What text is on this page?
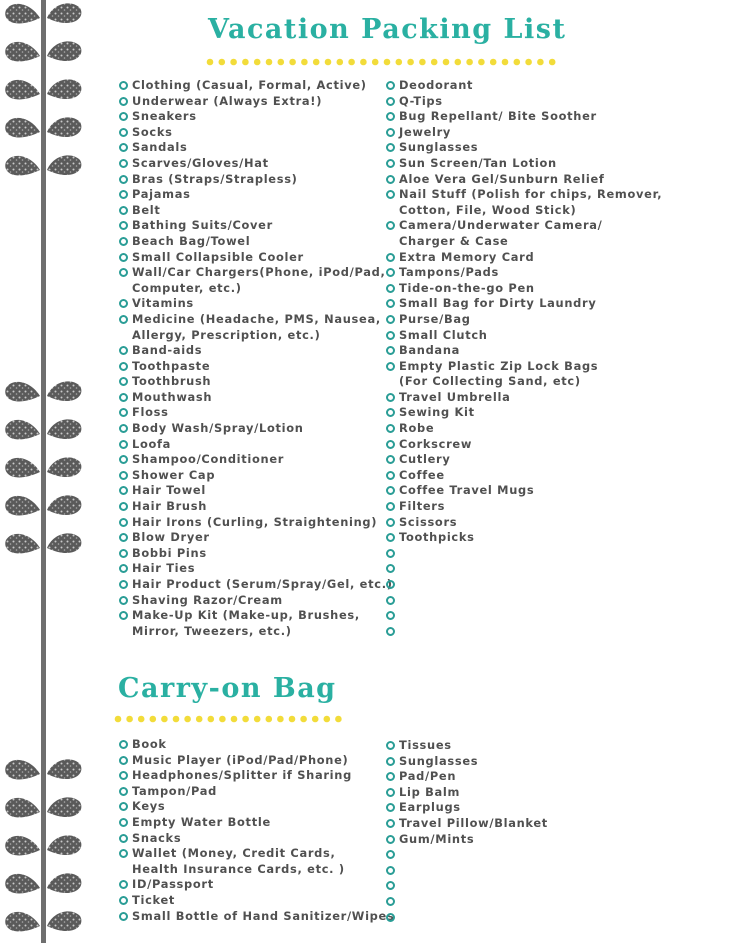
Vacation Packing List
Clothing (Casual, Formal, Active)
Underwear (Always Extra!)
Sneakers
Socks
Sandals
Scarves/Gloves/Hat
Bras (Straps/Strapless)
Pajamas
Belt
Bathing Suits/Cover
Beach Bag/Towel
Small Collapsible Cooler
Wall/Car Chargers(Phone, iPod/Pad,
Computer, etc.)
Vitamins
Medicine (Headache, PMS, Nausea,
Allergy, Prescription, etc.)
Band-aids
Toothpaste
Toothbrush
Mouthwash
Floss
Body Wash/Spray/Lotion
Loofa
Shampoo/Conditioner
Shower Cap
Hair Towel
Hair Brush
Hair Irons (Curling, Straightening)
Blow Dryer
Bobbi Pins
Hair Ties
Hair Product (Serum/Spray/Gel, etc.)
Shaving Razor/Cream
Make-Up Kit (Make-up, Brushes,
Mirror, Tweezers, etc.)
Deodorant
Q-Tips
Bug Repellant/ Bite Soother
Jewelry
Sunglasses
Sun Screen/Tan Lotion
Aloe Vera Gel/Sunburn Relief
Nail Stuff (Polish for chips, Remover,
Cotton, File, Wood Stick)
Camera/Underwater Camera/
Charger & Case
Extra Memory Card
Tampons/Pads
Tide-on-the-go Pen
Small Bag for Dirty Laundry
Purse/Bag
Small Clutch
Bandana
Empty Plastic Zip Lock Bags
(For Collecting Sand, etc)
Travel Umbrella
Sewing Kit
Robe
Corkscrew
Cutlery
Coffee
Coffee Travel Mugs
Filters
Scissors
Toothpicks
Carry-on Bag
Book
Music Player (iPod/Pad/Phone)
Headphones/Splitter if Sharing
Tampon/Pad
Keys
Empty Water Bottle
Snacks
Wallet (Money, Credit Cards,
Health Insurance Cards, etc. )
ID/Passport
Ticket
Small Bottle of Hand Sanitizer/Wipes
Tissues
Sunglasses
Pad/Pen
Lip Balm
Earplugs
Travel Pillow/Blanket
Gum/Mints
